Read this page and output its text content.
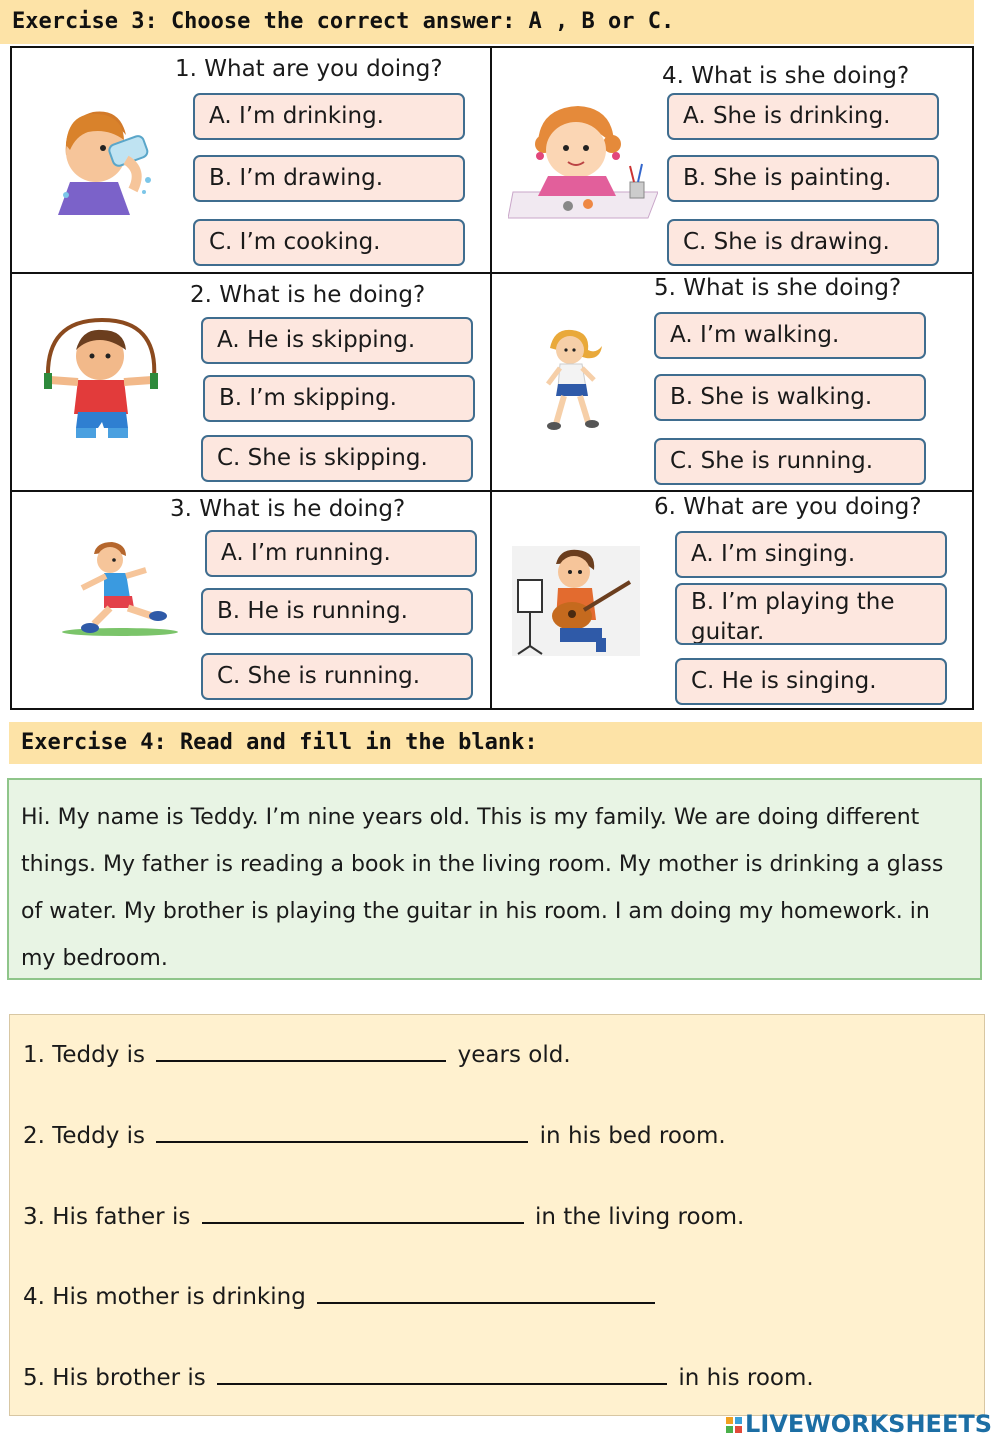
Exercise 3: Choose the correct answer: A , B or C.
1. What are you doing?
A. I’m drinking.
B. I’m drawing.
C. I’m cooking.
4. What is she doing?
A. She is drinking.
B. She is painting.
C. She is drawing.
2. What is he doing?
A. He is skipping.
B. I’m skipping.
C. She is skipping.
5. What is she doing?
A. I’m walking.
B. She is walking.
C. She is running.
3. What is he doing?
A. I’m running.
B. He is running.
C. She is running.
6. What are you doing?
A. I’m singing.
B. I’m playing the guitar.
C. He is singing.
Exercise 4: Read and fill in the blank:
Hi. My name is Teddy. I’m nine years old. This is my family. We are doing different things. My father is reading a book in the living room. My mother is drinking a glass of water. My brother is playing the guitar in his room. I am doing my homework. in my bedroom.
1. Teddy is	years old.
2. Teddy is	in his bed room.
3. His father is	in the living room.
4. His mother is drinking
5. His brother is	in his room.
LIVEWORKSHEETS
